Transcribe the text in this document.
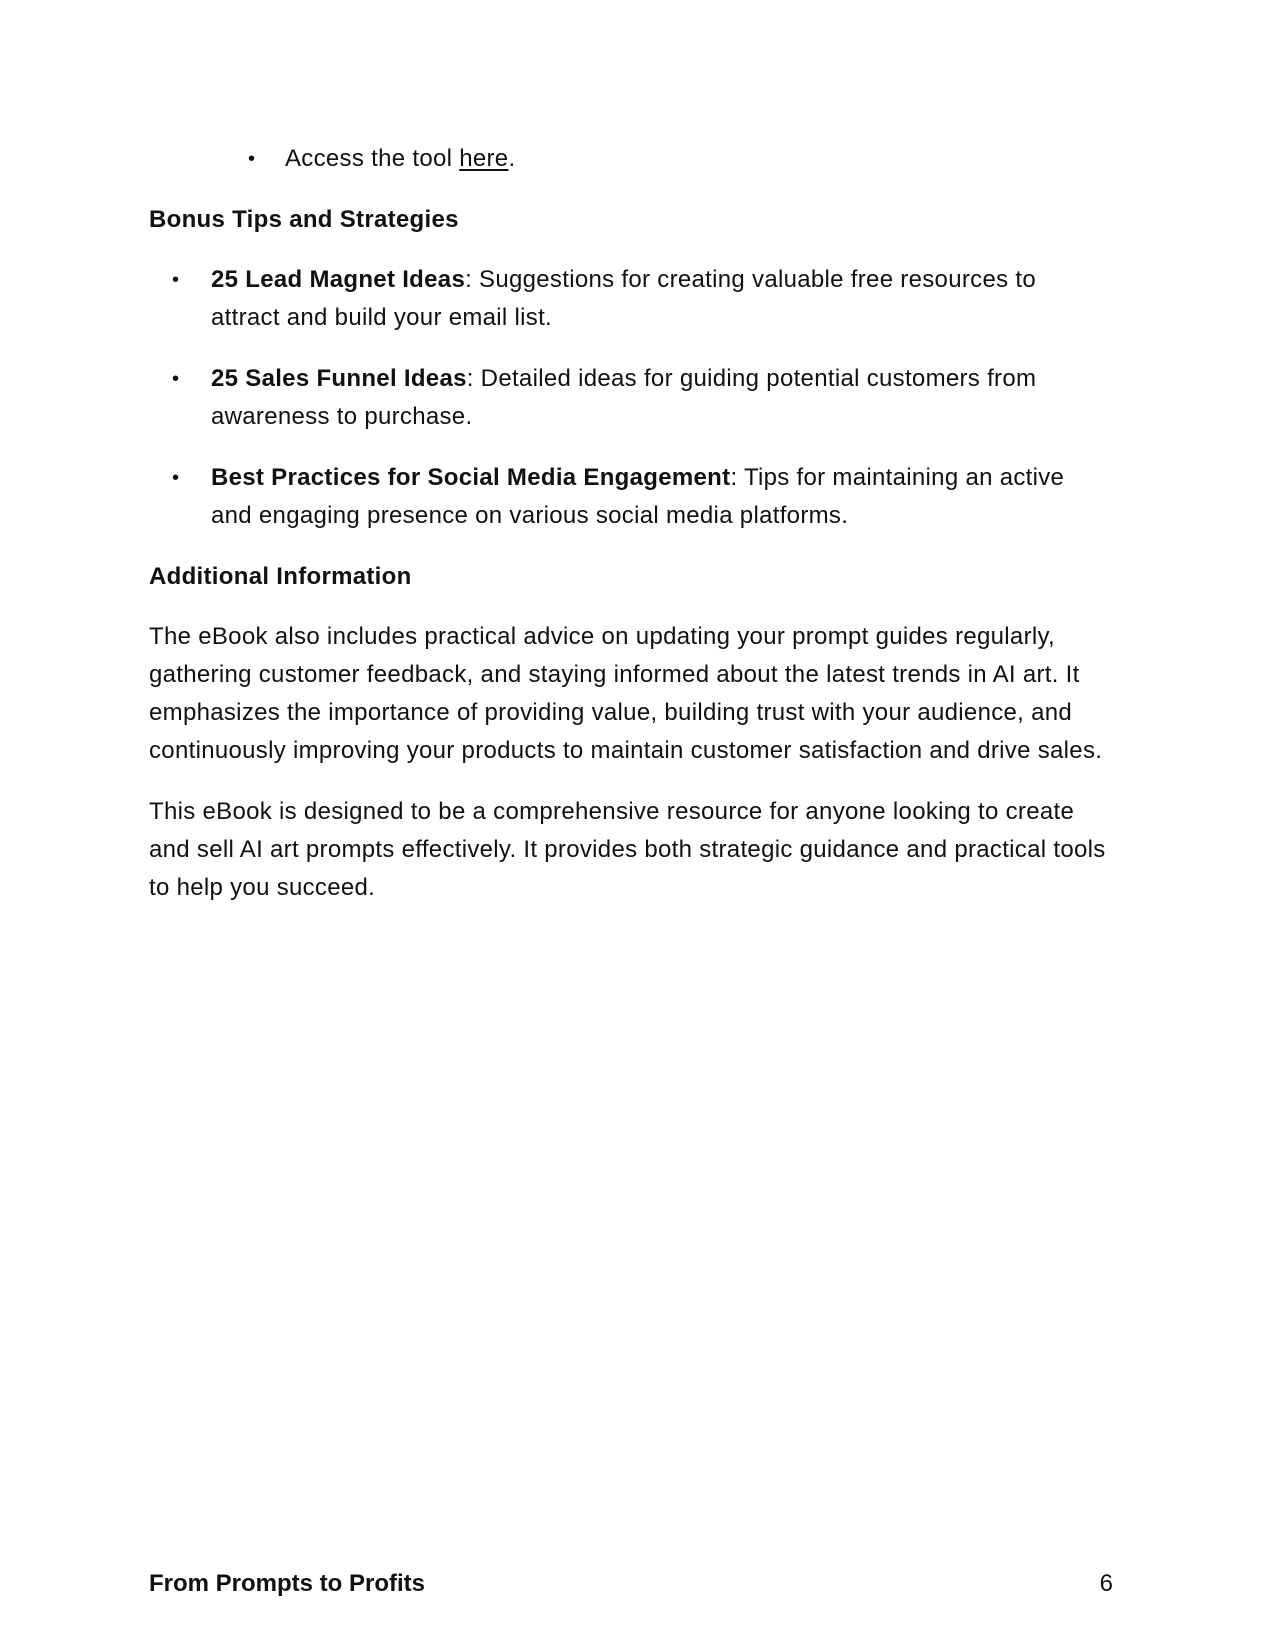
• Access the tool here.
Bonus Tips and Strategies
• 25 Lead Magnet Ideas: Suggestions for creating valuable free resources to attract and build your email list.
• 25 Sales Funnel Ideas: Detailed ideas for guiding potential customers from awareness to purchase.
• Best Practices for Social Media Engagement: Tips for maintaining an active and engaging presence on various social media platforms.
Additional Information

The eBook also includes practical advice on updating your prompt guides regularly, gathering customer feedback, and staying informed about the latest trends in AI art. It emphasizes the importance of providing value, building trust with your audience, and continuously improving your products to maintain customer satisfaction and drive sales.

This eBook is designed to be a comprehensive resource for anyone looking to create and sell AI art prompts effectively. It provides both strategic guidance and practical tools to help you succeed.

From Prompts to Profits	6
